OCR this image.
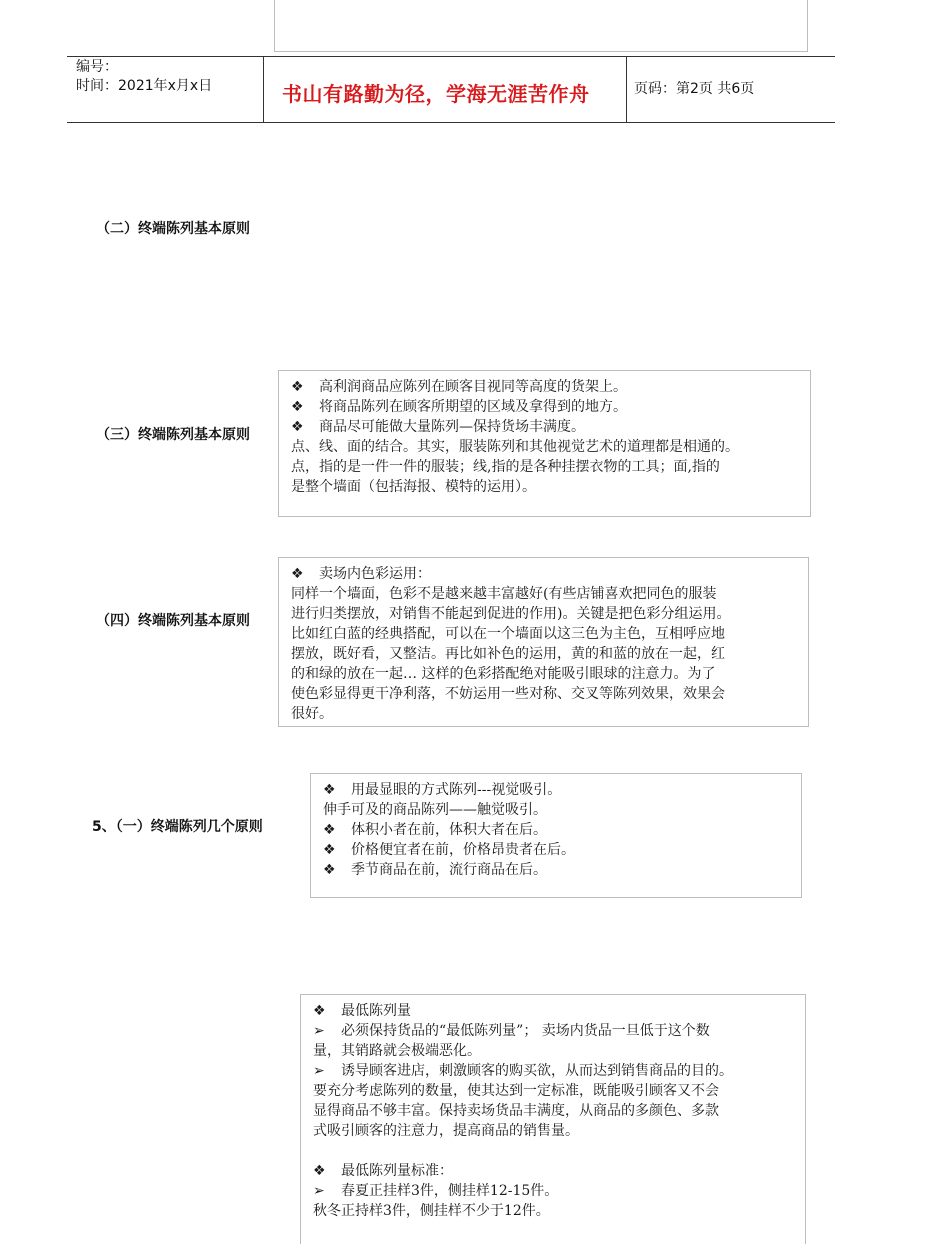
编号：
时间：2021年x月x日	书山有路勤为径，学海无涯苦作舟	页码：第2页 共6页
（二）终端陈列基本原则
（三）终端陈列基本原则
❖ 高利润商品应陈列在顾客目视同等高度的货架上。
❖ 将商品陈列在顾客所期望的区域及拿得到的地方。
❖ 商品尽可能做大量陈列—保持货场丰满度。
点、线、面的结合。其实，服装陈列和其他视觉艺术的道理都是相通的。
点，指的是一件一件的服装；线,指的是各种挂摆衣物的工具；面,指的
是整个墙面（包括海报、模特的运用）。
（四）终端陈列基本原则
❖ 卖场内色彩运用：
同样一个墙面，色彩不是越来越丰富越好(有些店铺喜欢把同色的服装
进行归类摆放，对销售不能起到促进的作用)。关键是把色彩分组运用。
比如红白蓝的经典搭配，可以在一个墙面以这三色为主色，互相呼应地
摆放，既好看，又整洁。再比如补色的运用，黄的和蓝的放在一起，红
的和绿的放在一起… 这样的色彩搭配绝对能吸引眼球的注意力。为了
使色彩显得更干净利落，不妨运用一些对称、交叉等陈列效果，效果会
很好。
5、（一）终端陈列几个原则
❖ 用最显眼的方式陈列---视觉吸引。
伸手可及的商品陈列——触觉吸引。
❖ 体积小者在前，体积大者在后。
❖ 价格便宜者在前，价格昂贵者在后。
❖ 季节商品在前，流行商品在后。
❖ 最低陈列量
➢ 必须保持货品的“最低陈列量”； 卖场内货品一旦低于这个数
量，其销路就会极端恶化。
➢ 诱导顾客进店，刺激顾客的购买欲，从而达到销售商品的目的。
要充分考虑陈列的数量，使其达到一定标准，既能吸引顾客又不会
显得商品不够丰富。保持卖场货品丰满度，从商品的多颜色、多款
式吸引顾客的注意力，提高商品的销售量。
❖ 最低陈列量标准：
➢ 春夏正挂样3件，侧挂样12-15件。
秋冬正持样3件，侧挂样不少于12件。
